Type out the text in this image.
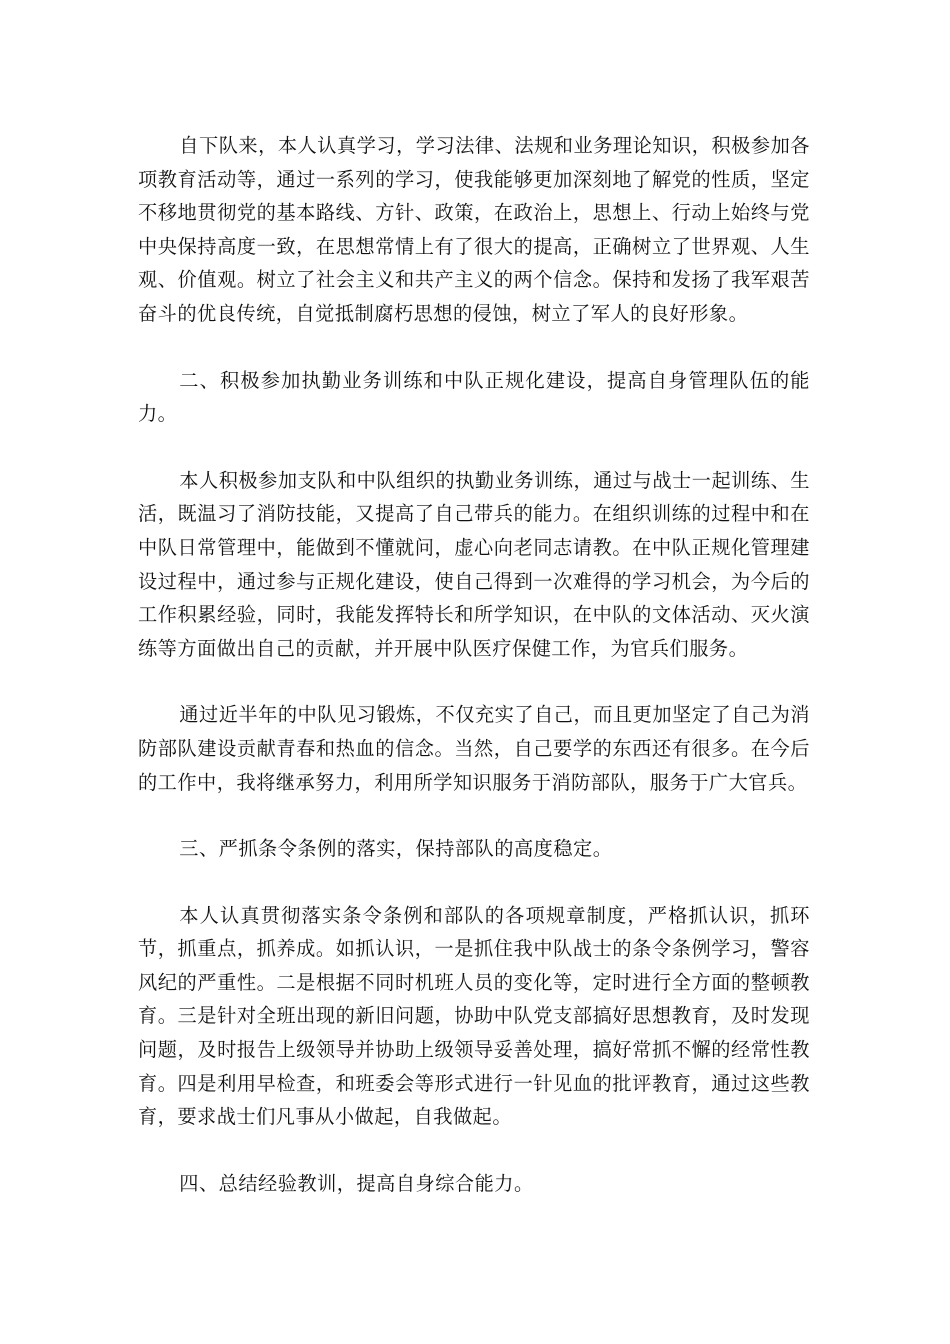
自下队来，本人认真学习，学习法律、法规和业务理论知识，积极参加各项教育活动等，通过一系列的学习，使我能够更加深刻地了解党的性质，坚定不移地贯彻党的基本路线、方针、政策，在政治上，思想上、行动上始终与党中央保持高度一致，在思想常情上有了很大的提高，正确树立了世界观、人生观、价值观。树立了社会主义和共产主义的两个信念。保持和发扬了我军艰苦奋斗的优良传统，自觉抵制腐朽思想的侵蚀，树立了军人的良好形象。

二、积极参加执勤业务训练和中队正规化建设，提高自身管理队伍的能力。

本人积极参加支队和中队组织的执勤业务训练，通过与战士一起训练、生活，既温习了消防技能，又提高了自己带兵的能力。在组织训练的过程中和在中队日常管理中，能做到不懂就问，虚心向老同志请教。在中队正规化管理建设过程中，通过参与正规化建设，使自己得到一次难得的学习机会，为今后的工作积累经验，同时，我能发挥特长和所学知识，在中队的文体活动、灭火演练等方面做出自己的贡献，并开展中队医疗保健工作，为官兵们服务。

通过近半年的中队见习锻炼，不仅充实了自己，而且更加坚定了自己为消防部队建设贡献青春和热血的信念。当然，自己要学的东西还有很多。在今后的工作中，我将继承努力，利用所学知识服务于消防部队，服务于广大官兵。

三、严抓条令条例的落实，保持部队的高度稳定。

本人认真贯彻落实条令条例和部队的各项规章制度，严格抓认识，抓环节，抓重点，抓养成。如抓认识，一是抓住我中队战士的条令条例学习，警容风纪的严重性。二是根据不同时机班人员的变化等，定时进行全方面的整顿教育。三是针对全班出现的新旧问题，协助中队党支部搞好思想教育，及时发现问题，及时报告上级领导并协助上级领导妥善处理，搞好常抓不懈的经常性教育。四是利用早检查，和班委会等形式进行一针见血的批评教育，通过这些教育，要求战士们凡事从小做起，自我做起。

四、总结经验教训，提高自身综合能力。
